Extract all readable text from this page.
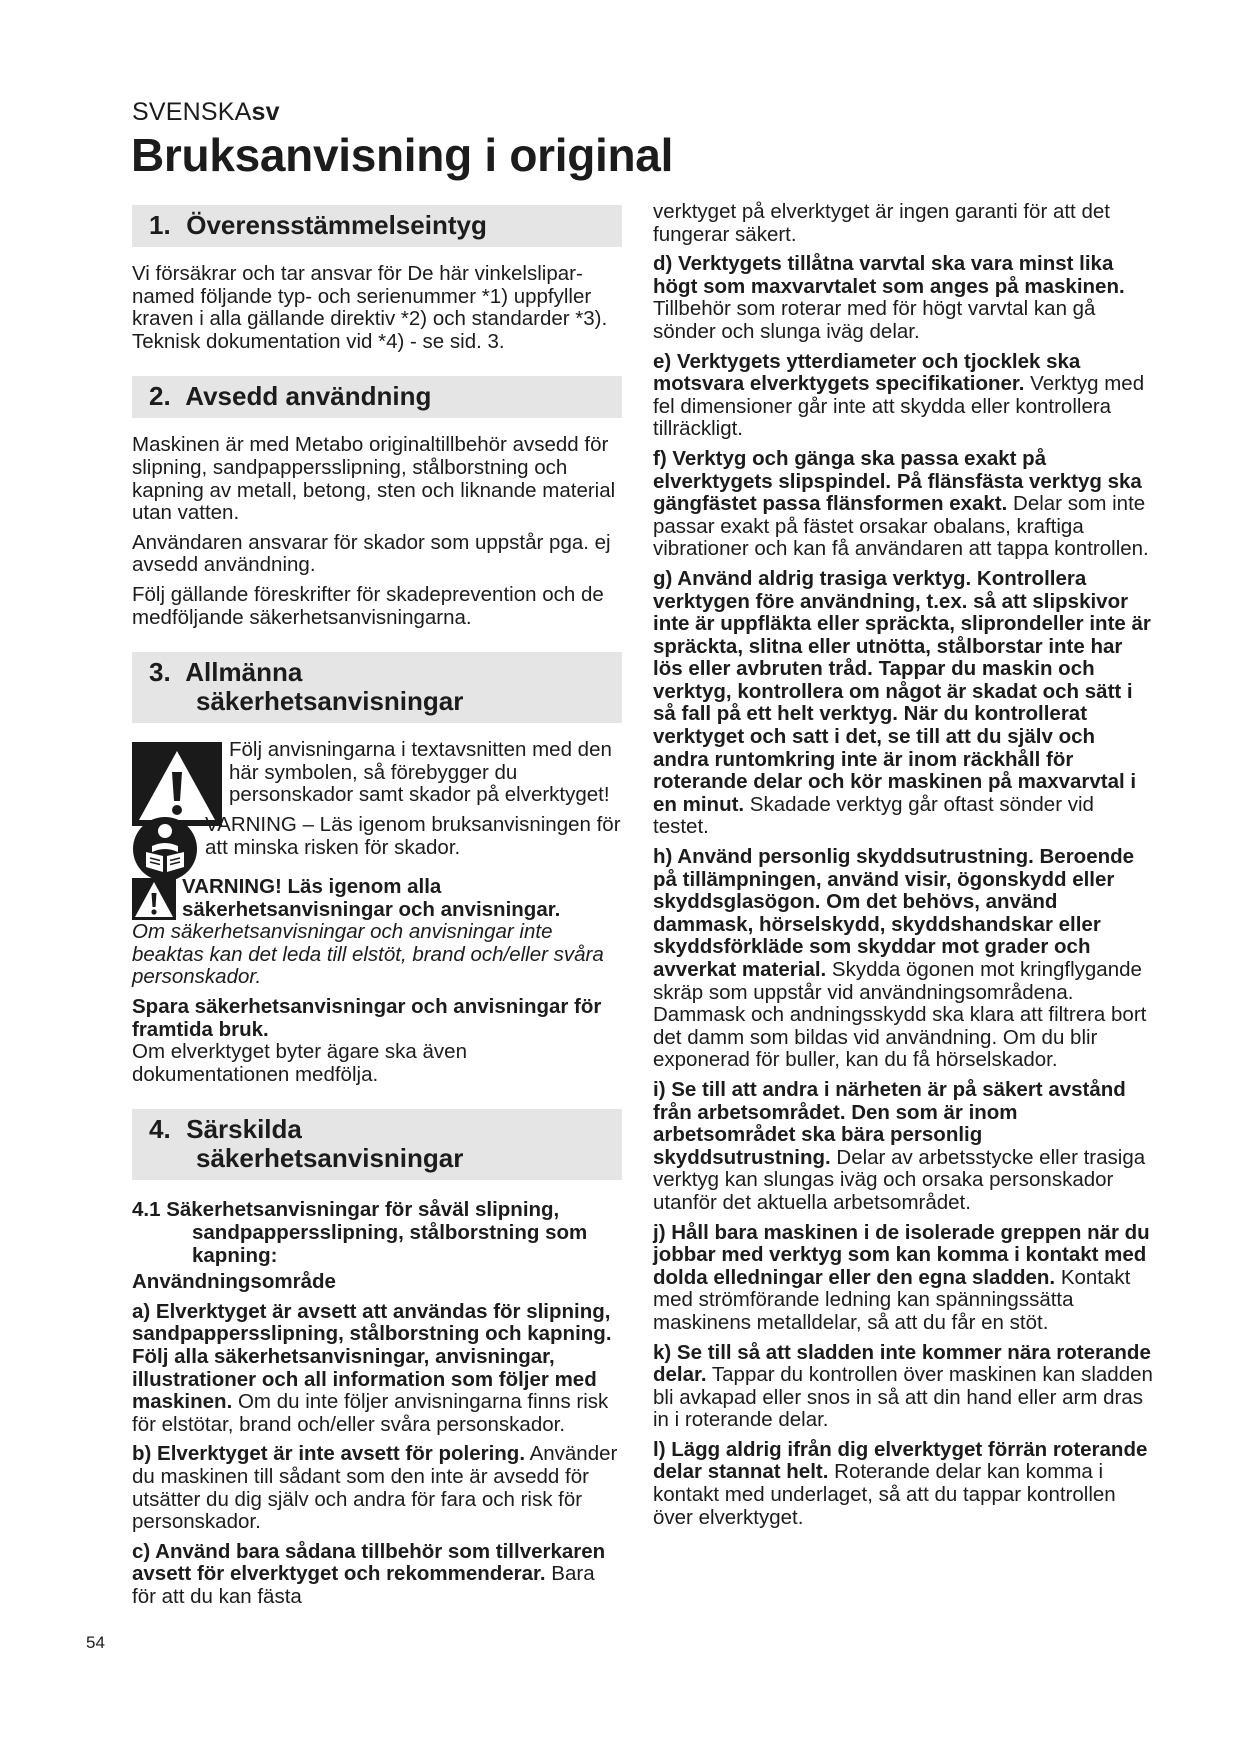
SVENSKAsv
Bruksanvisning i original
1. Överensstämmelseintyg

Vi försäkrar och tar ansvar för De här vinkelslipar-named följande typ- och serienummer *1) uppfyller kraven i alla gällande direktiv *2) och standarder *3). Teknisk dokumentation vid *4) - se sid. 3.

2. Avsedd användning

Maskinen är med Metabo originaltillbehör avsedd för slipning, sandpappersslipning, stålborstning och kapning av metall, betong, sten och liknande material utan vatten.

Användaren ansvarar för skador som uppstår pga. ej avsedd användning.

Följ gällande föreskrifter för skadeprevention och de medföljande säkerhetsanvisningarna.

3. Allmänna
säkerhetsanvisningar

Följ anvisningarna i textavsnitten med den här symbolen, så förebygger du personskador samt skador på elverktyget!

VARNING – Läs igenom bruksanvisningen för att minska risken för skador.

VARNING! Läs igenom alla säkerhetsanvisningar och anvisningar.

Om säkerhetsanvisningar och anvisningar inte beaktas kan det leda till elstöt, brand och/eller svåra personskador.

Spara säkerhetsanvisningar och anvisningar för framtida bruk.

Om elverktyget byter ägare ska även dokumentationen medfölja.

4. Särskilda
säkerhetsanvisningar

4.1 Säkerhetsanvisningar för såväl slipning,
sandpappersslipning, stålborstning som kapning:

Användningsområde

a) Elverktyget är avsett att användas för slipning, sandpappersslipning, stålborstning och kapning. Följ alla säkerhetsanvisningar, anvisningar, illustrationer och all information som följer med maskinen. Om du inte följer anvisningarna finns risk för elstötar, brand och/eller svåra personskador.

b) Elverktyget är inte avsett för polering. Använder du maskinen till sådant som den inte är avsedd för utsätter du dig själv och andra för fara och risk för personskador.

c) Använd bara sådana tillbehör som tillverkaren avsett för elverktyget och rekommenderar. Bara för att du kan fästa

verktyget på elverktyget är ingen garanti för att det fungerar säkert.

d) Verktygets tillåtna varvtal ska vara minst lika högt som maxvarvtalet som anges på maskinen. Tillbehör som roterar med för högt varvtal kan gå sönder och slunga iväg delar.

e) Verktygets ytterdiameter och tjocklek ska motsvara elverktygets specifikationer. Verktyg med fel dimensioner går inte att skydda eller kontrollera tillräckligt.

f) Verktyg och gänga ska passa exakt på elverktygets slipspindel. På flänsfästa verktyg ska gängfästet passa flänsformen exakt. Delar som inte passar exakt på fästet orsakar obalans, kraftiga vibrationer och kan få användaren att tappa kontrollen.

g) Använd aldrig trasiga verktyg. Kontrollera verktygen före användning, t.ex. så att slipskivor inte är uppfläkta eller spräckta, sliprondeller inte är spräckta, slitna eller utnötta, stålborstar inte har lös eller avbruten tråd. Tappar du maskin och verktyg, kontrollera om något är skadat och sätt i så fall på ett helt verktyg. När du kontrollerat verktyget och satt i det, se till att du själv och andra runtomkring inte är inom räckhåll för roterande delar och kör maskinen på maxvarvtal i en minut. Skadade verktyg går oftast sönder vid testet.

h) Använd personlig skyddsutrustning. Beroende på tillämpningen, använd visir, ögonskydd eller skyddsglasögon. Om det behövs, använd dammask, hörselskydd, skyddshandskar eller skyddsförkläde som skyddar mot grader och avverkat material. Skydda ögonen mot kringflygande skräp som uppstår vid användningsområdena. Dammask och andningsskydd ska klara att filtrera bort det damm som bildas vid användning. Om du blir exponerad för buller, kan du få hörselskador.

i) Se till att andra i närheten är på säkert avstånd från arbetsområdet. Den som är inom arbetsområdet ska bära personlig skyddsutrustning. Delar av arbetsstycke eller trasiga verktyg kan slungas iväg och orsaka personskador utanför det aktuella arbetsområdet.

j) Håll bara maskinen i de isolerade greppen när du jobbar med verktyg som kan komma i kontakt med dolda elledningar eller den egna sladden. Kontakt med strömförande ledning kan spänningssätta maskinens metalldelar, så att du får en stöt.

k) Se till så att sladden inte kommer nära roterande delar. Tappar du kontrollen över maskinen kan sladden bli avkapad eller snos in så att din hand eller arm dras in i roterande delar.

l) Lägg aldrig ifrån dig elverktyget förrän roterande delar stannat helt. Roterande delar kan komma i kontakt med underlaget, så att du tappar kontrollen över elverktyget.

54
